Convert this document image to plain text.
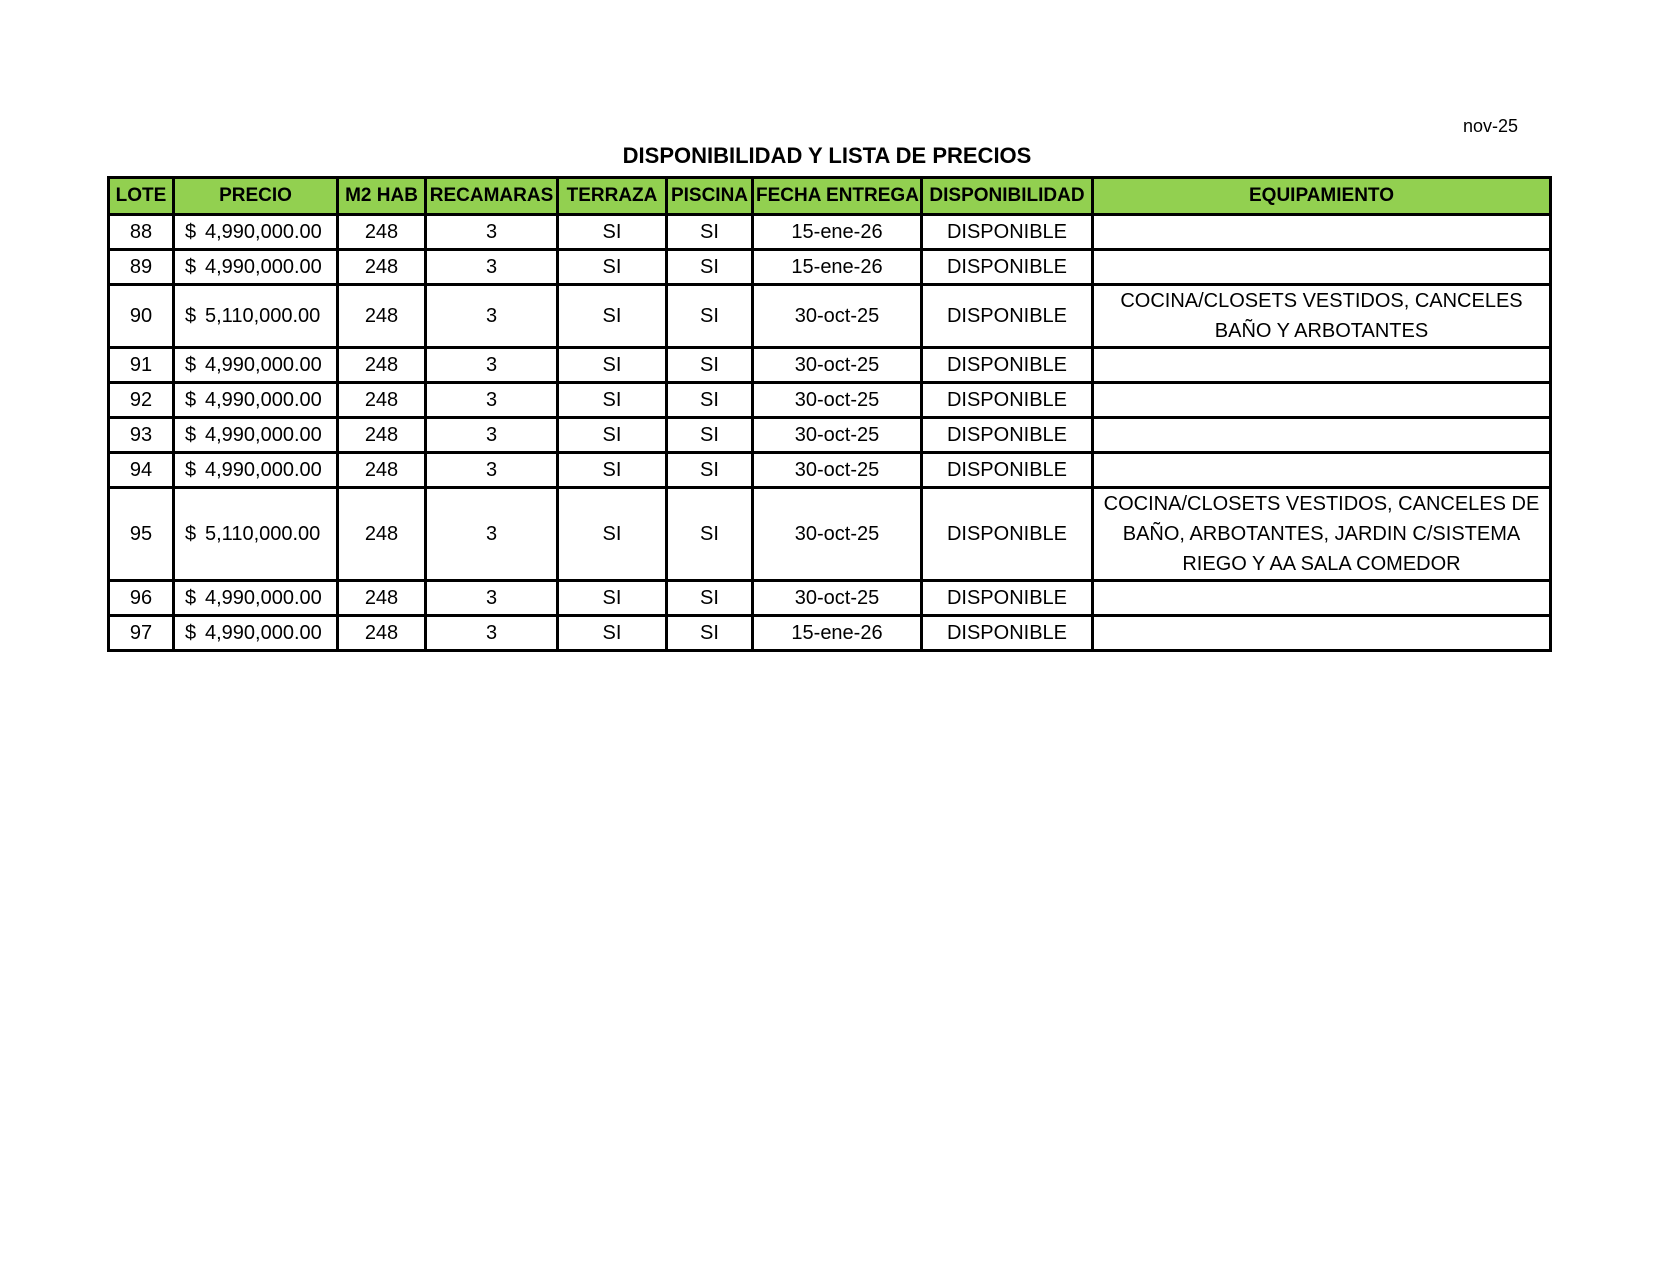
nov-25
DISPONIBILIDAD Y LISTA DE PRECIOS
LOTE	PRECIO	M2 HAB	RECAMARAS	TERRAZA	PISCINA	FECHA ENTREGA	DISPONIBILIDAD	EQUIPAMIENTO
88	$ 4,990,000.00	248	3	SI	SI	15-ene-26	DISPONIBLE	
89	$ 4,990,000.00	248	3	SI	SI	15-ene-26	DISPONIBLE	
90	$ 5,110,000.00	248	3	SI	SI	30-oct-25	DISPONIBLE	COCINA/CLOSETS VESTIDOS, CANCELES BAÑO Y ARBOTANTES
91	$ 4,990,000.00	248	3	SI	SI	30-oct-25	DISPONIBLE	
92	$ 4,990,000.00	248	3	SI	SI	30-oct-25	DISPONIBLE	
93	$ 4,990,000.00	248	3	SI	SI	30-oct-25	DISPONIBLE	
94	$ 4,990,000.00	248	3	SI	SI	30-oct-25	DISPONIBLE	
95	$ 5,110,000.00	248	3	SI	SI	30-oct-25	DISPONIBLE	COCINA/CLOSETS VESTIDOS, CANCELES DE BAÑO, ARBOTANTES, JARDIN C/SISTEMA RIEGO Y AA SALA COMEDOR
96	$ 4,990,000.00	248	3	SI	SI	30-oct-25	DISPONIBLE	
97	$ 4,990,000.00	248	3	SI	SI	15-ene-26	DISPONIBLE	
